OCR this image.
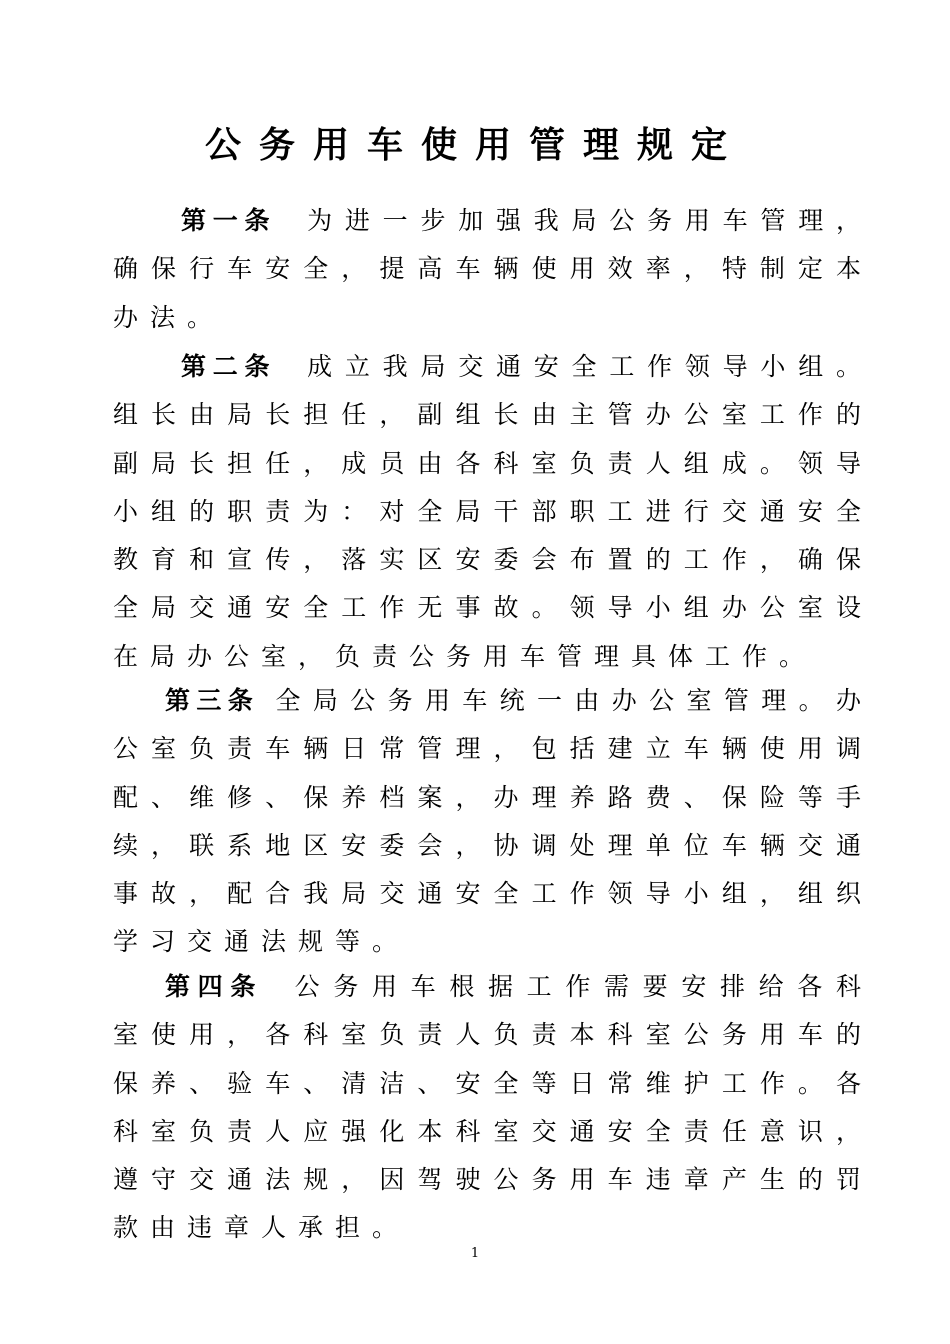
公务用车使用管理规定

第一条 为进一步加强我局公务用车管理，确保行车安全，提高车辆使用效率，特制定本办法。

第二条 成立我局交通安全工作领导小组。组长由局长担任，副组长由主管办公室工作的副局长担任，成员由各科室负责人组成。领导小组的职责为：对全局干部职工进行交通安全教育和宣传，落实区安委会布置的工作，确保全局交通安全工作无事故。领导小组办公室设在局办公室，负责公务用车管理具体工作。

第三条 全局公务用车统一由办公室管理。办公室负责车辆日常管理，包括建立车辆使用调配、维修、保养档案，办理养路费、保险等手续，联系地区安委会，协调处理单位车辆交通事故，配合我局交通安全工作领导小组，组织学习交通法规等。

第四条 公务用车根据工作需要安排给各科室使用，各科室负责人负责本科室公务用车的保养、验车、清洁、安全等日常维护工作。各科室负责人应强化本科室交通安全责任意识，遵守交通法规，因驾驶公务用车违章产生的罚款由违章人承担。

1
